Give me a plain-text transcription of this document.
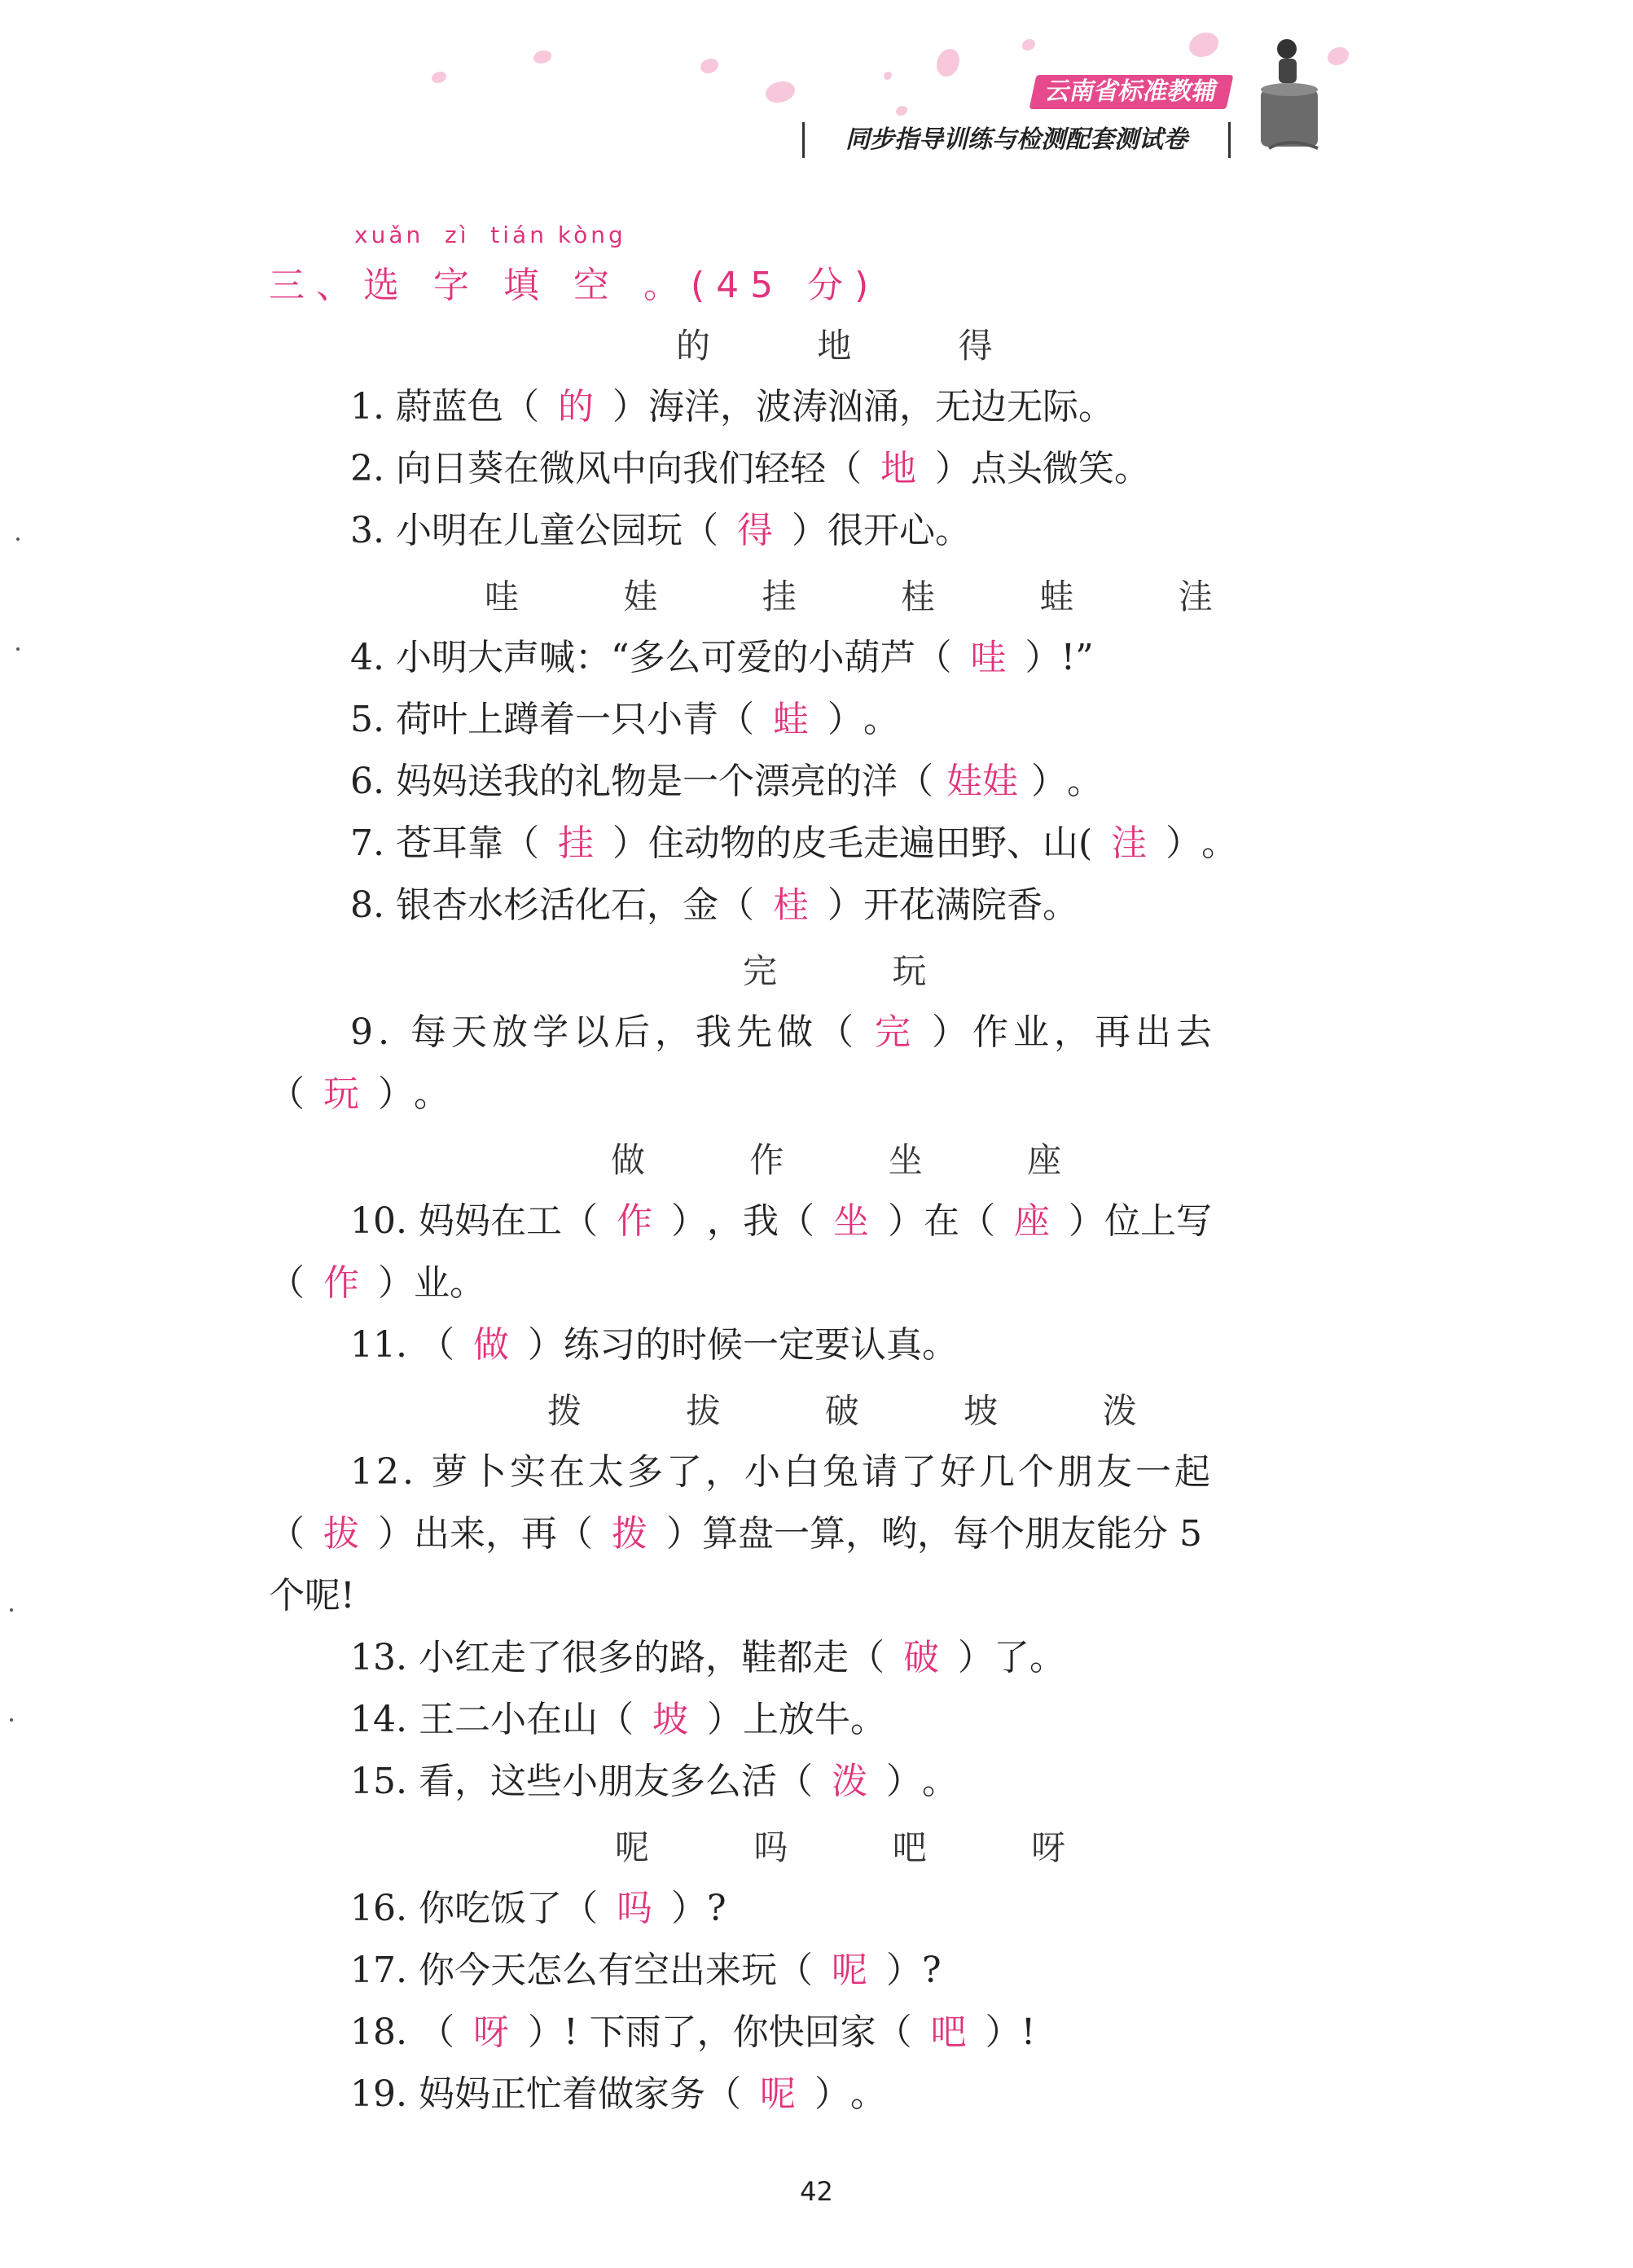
云南省标准教辅
同步指导训练与检测配套测试卷
xuǎn  zì  tián kòng
三、选 字 填 空 。(45 分)
的	地	得
1. 蔚蓝色（ 的 ）海洋，波涛汹涌，无边无际。
2. 向日葵在微风中向我们轻轻（ 地 ）点头微笑。
3. 小明在儿童公园玩（ 得 ）很开心。
哇	娃	挂	桂	蛙	洼
4. 小明大声喊：“多么可爱的小葫芦（ 哇 ）!”
5. 荷叶上蹲着一只小青（ 蛙 ）。
6. 妈妈送我的礼物是一个漂亮的洋（ 娃娃 ）。
7. 苍耳靠（ 挂 ）住动物的皮毛走遍田野、山( 洼 ）。
8. 银杏水杉活化石，金（ 桂 ）开花满院香。
完	玩
9. 每天放学以后，我先做（ 完 ）作业，再出去
（ 玩 ）。
做	作	坐	座
10. 妈妈在工（ 作 ），我（ 坐 ）在（ 座 ）位上写
（ 作 ）业。
11. （ 做 ）练习的时候一定要认真。
拨	拔	破	坡	泼
12. 萝卜实在太多了，小白兔请了好几个朋友一起
（ 拔 ）出来，再（ 拨 ）算盘一算，哟，每个朋友能分 5
个呢!
13. 小红走了很多的路，鞋都走（ 破 ）了。
14. 王二小在山（ 坡 ）上放牛。
15. 看，这些小朋友多么活（ 泼 ）。
呢	吗	吧	呀
16. 你吃饭了（ 吗 ）?
17. 你今天怎么有空出来玩（ 呢 ）?
18. （ 呀 ）! 下雨了，你快回家（ 吧 ）!
19. 妈妈正忙着做家务（ 呢 ）。
42
